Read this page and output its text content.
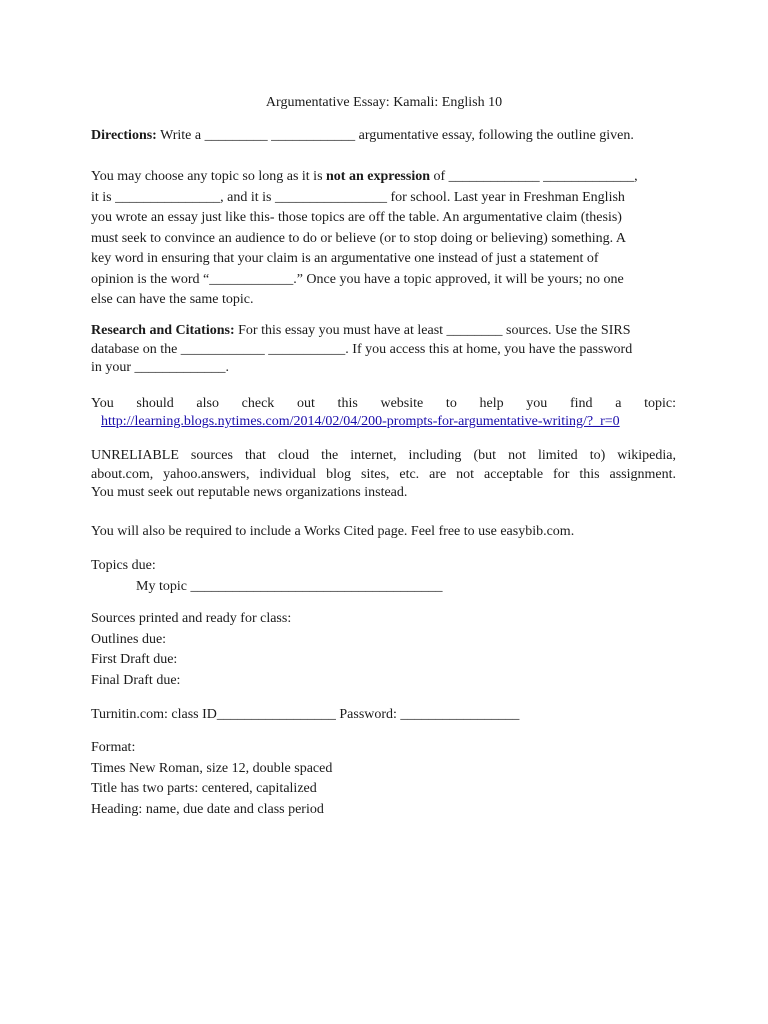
Argumentative Essay: Kamali: English 10
Directions: Write a _________ ____________ argumentative essay, following the outline given.
You may choose any topic so long as it is not an expression of _____________ _____________,
it is _______________, and it is ________________ for school. Last year in Freshman English
you wrote an essay just like this- those topics are off the table. An argumentative claim (thesis)
must seek to convince an audience to do or believe (or to stop doing or believing) something. A
key word in ensuring that your claim is an argumentative one instead of just a statement of
opinion is the word “____________.” Once you have a topic approved, it will be yours; no one
else can have the same topic.
Research and Citations: For this essay you must have at least ________ sources. Use the SIRS
database on the ____________ ___________. If you access this at home, you have the password
in your _____________.
You should also check out this website to help you find a topic:
http://learning.blogs.nytimes.com/2014/02/04/200-prompts-for-argumentative-writing/?_r=0
UNRELIABLE sources that cloud the internet, including (but not limited to) wikipedia,
about.com, yahoo.answers, individual blog sites, etc. are not acceptable for this assignment.
You must seek out reputable news organizations instead.
You will also be required to include a Works Cited page. Feel free to use easybib.com.
Topics due:
My topic ____________________________________
Sources printed and ready for class:
Outlines due:
First Draft due:
Final Draft due:
Turnitin.com: class ID_________________ Password: _________________
Format:
Times New Roman, size 12, double spaced
Title has two parts: centered, capitalized
Heading: name, due date and class period
